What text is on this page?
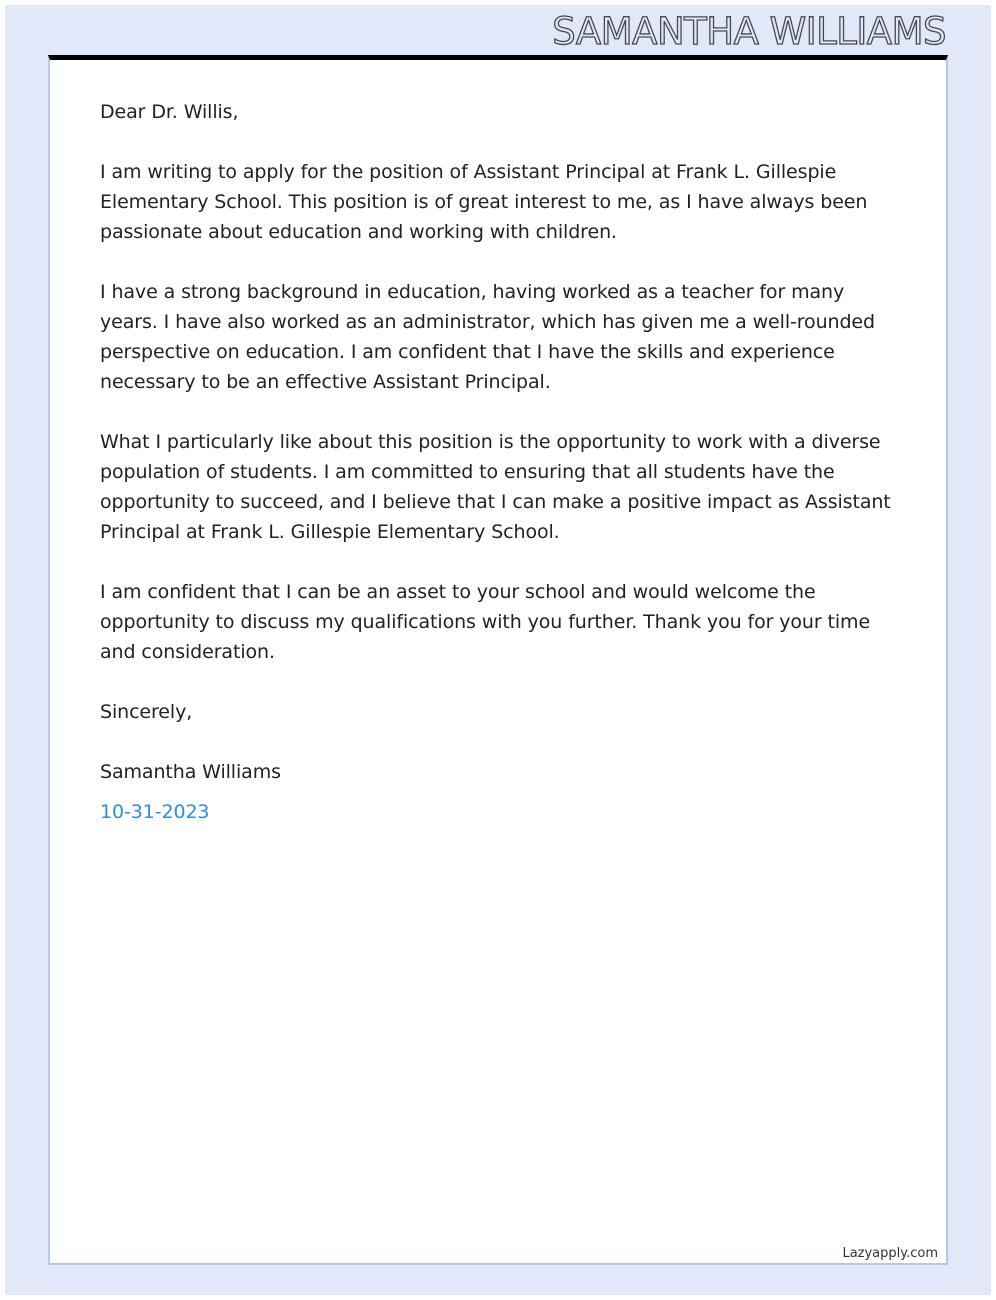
SAMANTHA WILLIAMS

Dear Dr. Willis,

I am writing to apply for the position of Assistant Principal at Frank L. Gillespie Elementary School. This position is of great interest to me, as I have always been passionate about education and working with children.

I have a strong background in education, having worked as a teacher for many years. I have also worked as an administrator, which has given me a well-rounded perspective on education. I am confident that I have the skills and experience necessary to be an effective Assistant Principal.

What I particularly like about this position is the opportunity to work with a diverse population of students. I am committed to ensuring that all students have the opportunity to succeed, and I believe that I can make a positive impact as Assistant Principal at Frank L. Gillespie Elementary School.

I am confident that I can be an asset to your school and would welcome the opportunity to discuss my qualifications with you further. Thank you for your time and consideration.

Sincerely,

Samantha Williams

10-31-2023

Lazyapply.com
